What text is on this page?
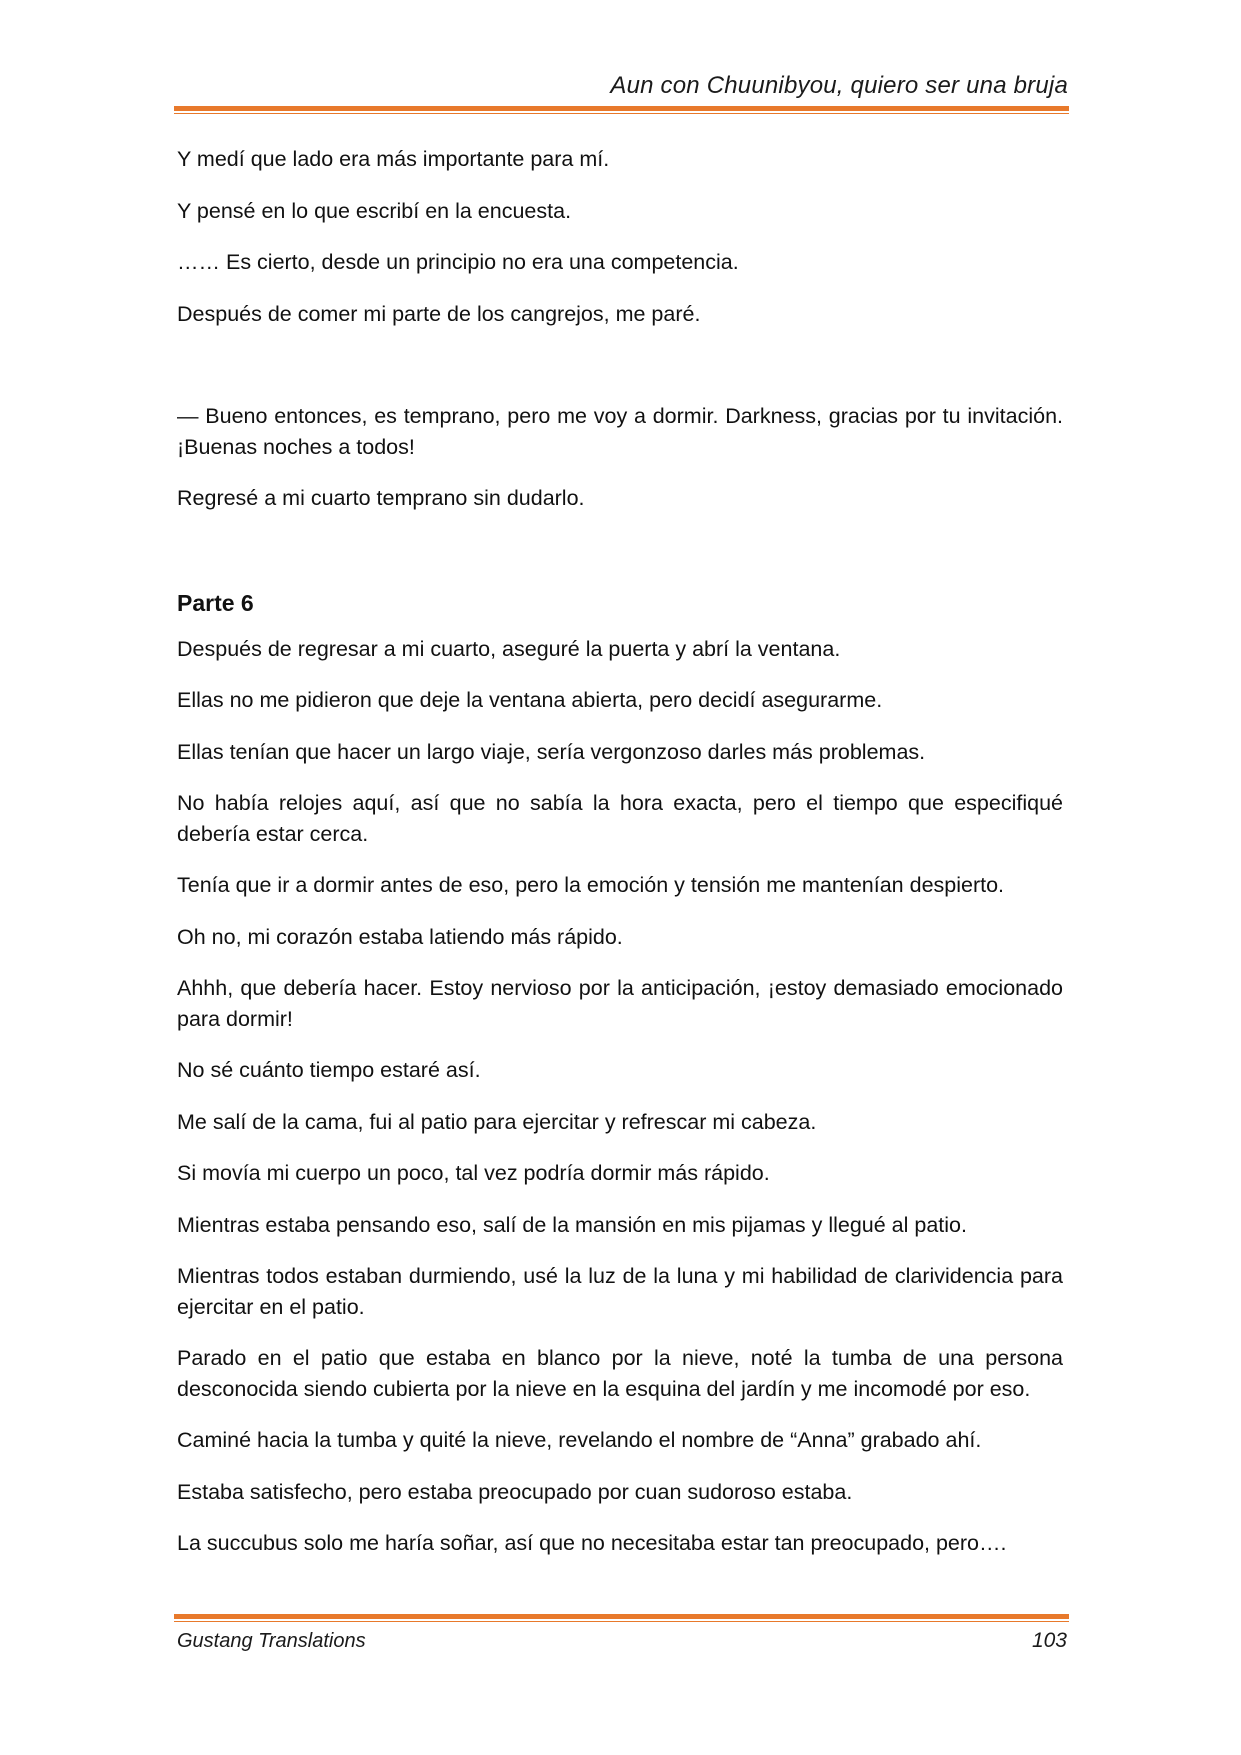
Aun con Chuunibyou, quiero ser una bruja

Y medí que lado era más importante para mí.

Y pensé en lo que escribí en la encuesta.

…… Es cierto, desde un principio no era una competencia.

Después de comer mi parte de los cangrejos, me paré.

— Bueno entonces, es temprano, pero me voy a dormir. Darkness, gracias por tu invitación. ¡Buenas noches a todos!

Regresé a mi cuarto temprano sin dudarlo.

Parte 6

Después de regresar a mi cuarto, aseguré la puerta y abrí la ventana.

Ellas no me pidieron que deje la ventana abierta, pero decidí asegurarme.

Ellas tenían que hacer un largo viaje, sería vergonzoso darles más problemas.

No había relojes aquí, así que no sabía la hora exacta, pero el tiempo que especifiqué debería estar cerca.

Tenía que ir a dormir antes de eso, pero la emoción y tensión me mantenían despierto.

Oh no, mi corazón estaba latiendo más rápido.

Ahhh, que debería hacer. Estoy nervioso por la anticipación, ¡estoy demasiado emocionado para dormir!

No sé cuánto tiempo estaré así.

Me salí de la cama, fui al patio para ejercitar y refrescar mi cabeza.

Si movía mi cuerpo un poco, tal vez podría dormir más rápido.

Mientras estaba pensando eso, salí de la mansión en mis pijamas y llegué al patio.

Mientras todos estaban durmiendo, usé la luz de la luna y mi habilidad de clarividencia para ejercitar en el patio.

Parado en el patio que estaba en blanco por la nieve, noté la tumba de una persona desconocida siendo cubierta por la nieve en la esquina del jardín y me incomodé por eso.

Caminé hacia la tumba y quité la nieve, revelando el nombre de “Anna” grabado ahí.

Estaba satisfecho, pero estaba preocupado por cuan sudoroso estaba.

La succubus solo me haría soñar, así que no necesitaba estar tan preocupado, pero….

Gustang Translations	103
